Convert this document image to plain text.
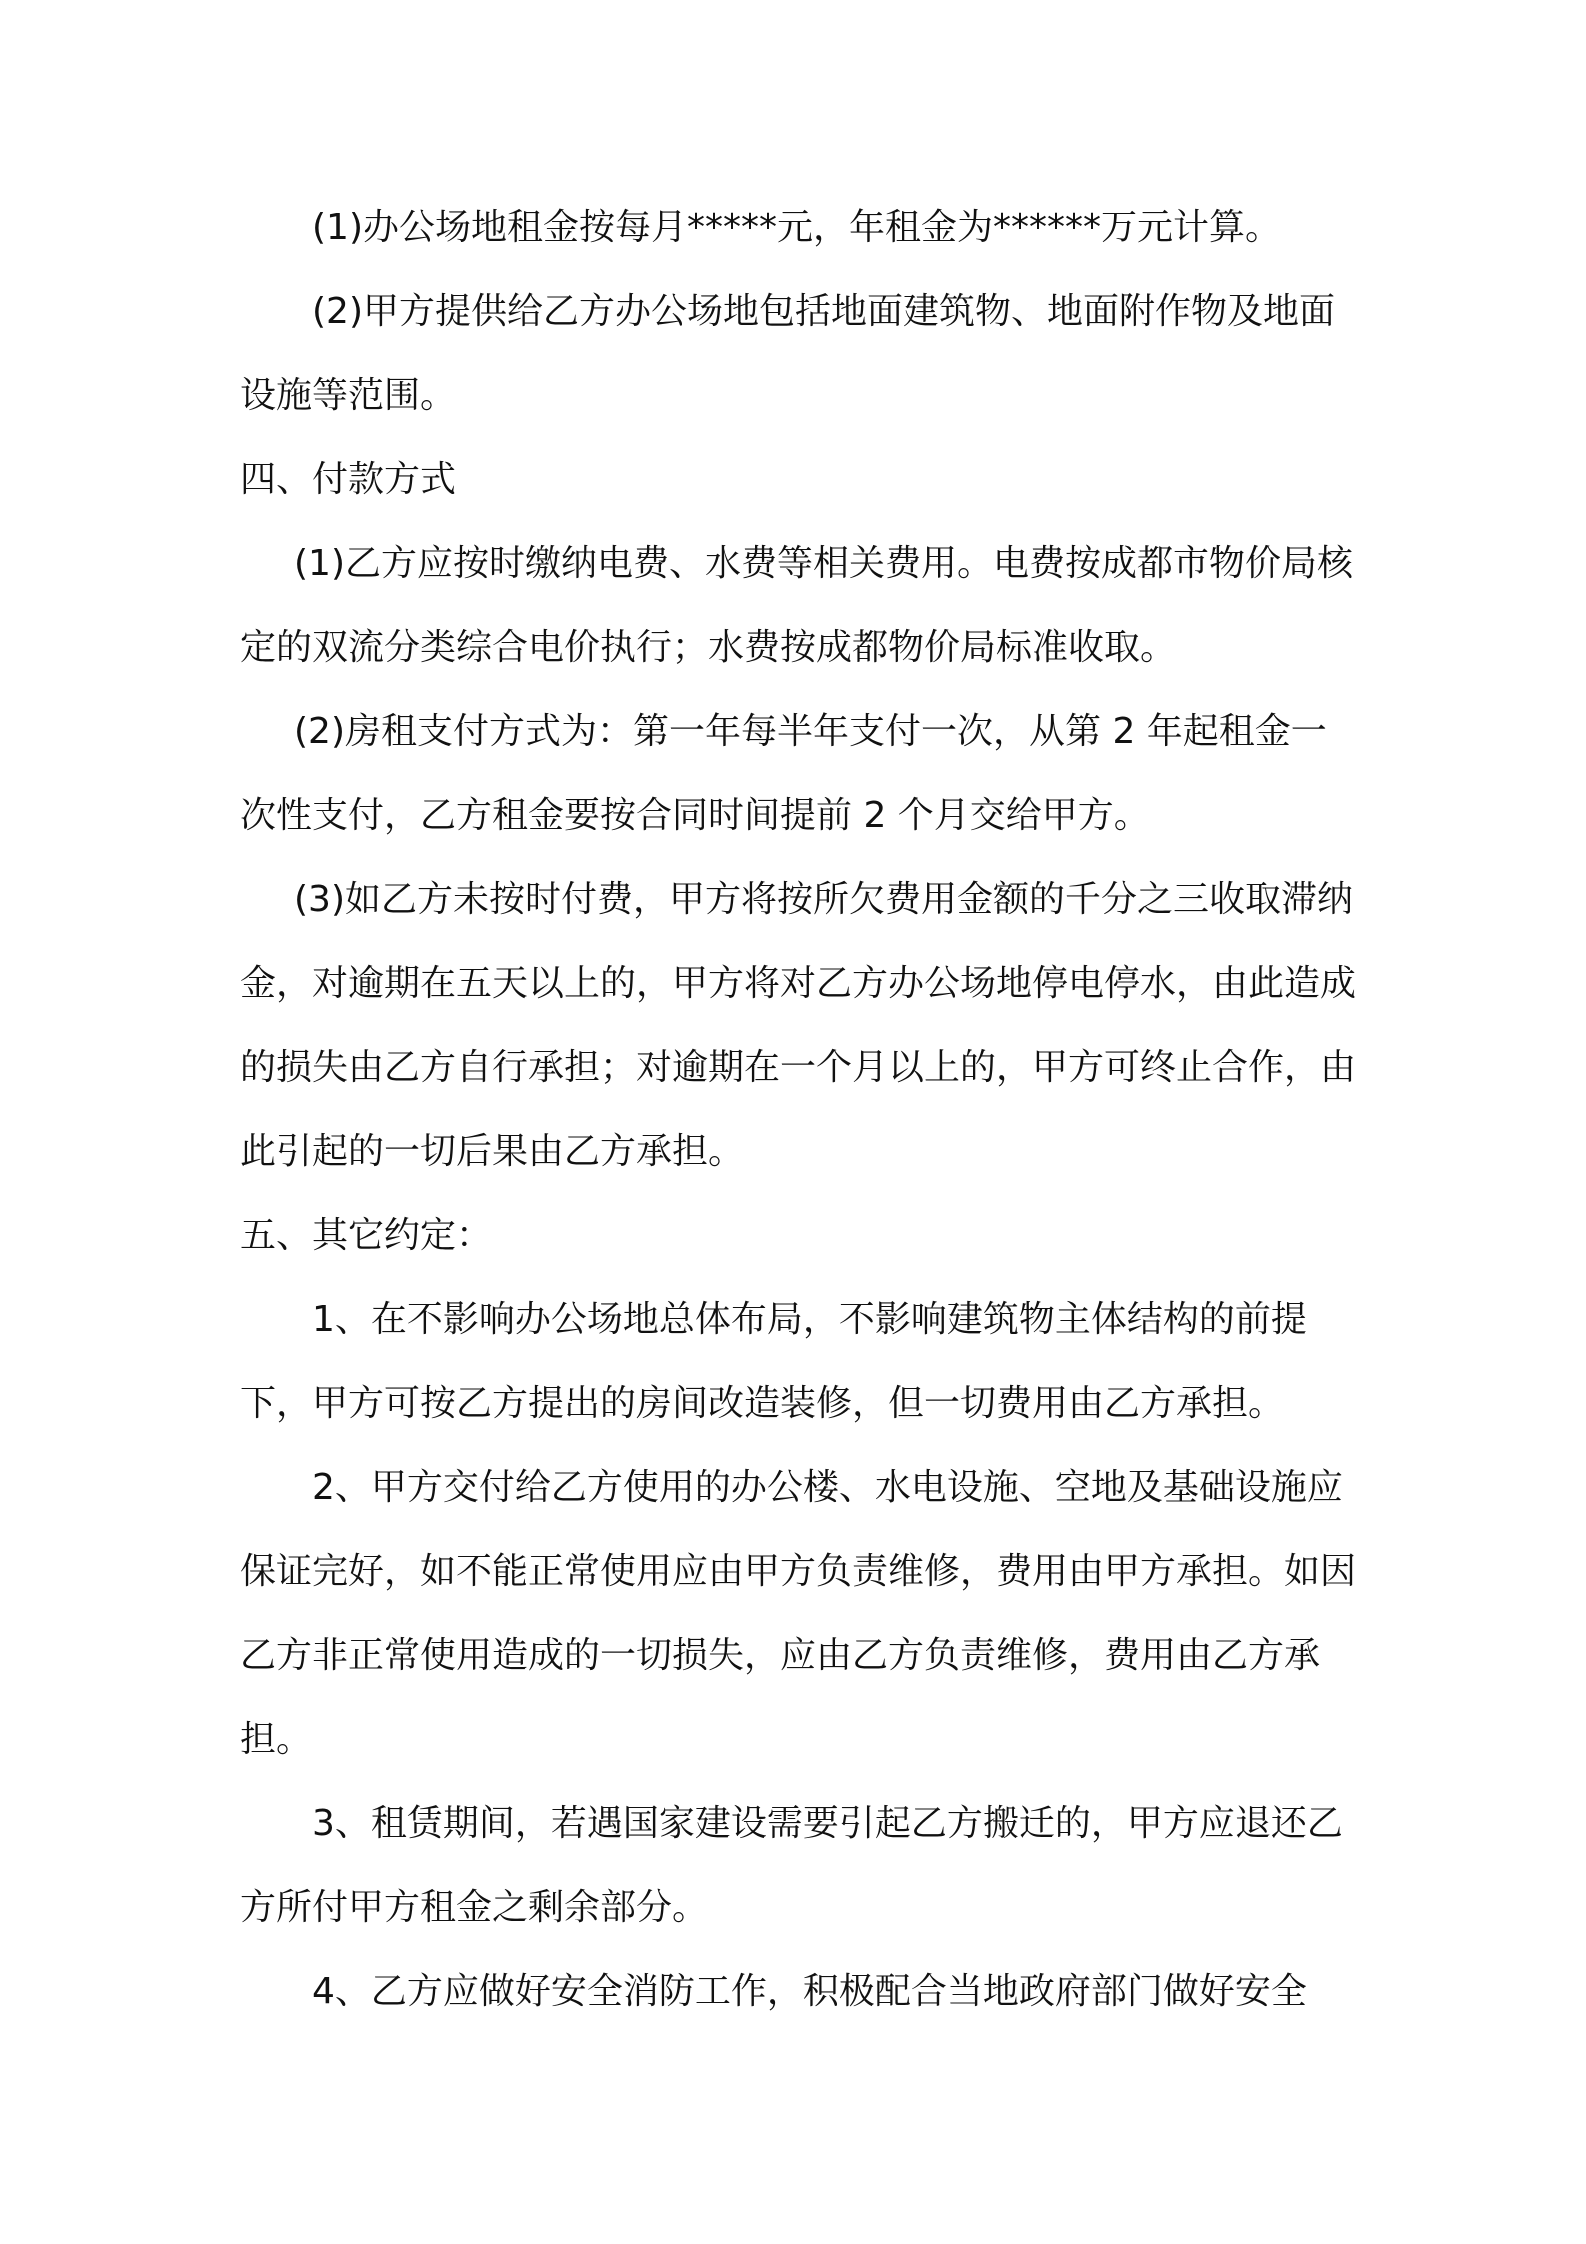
(1)办公场地租金按每月*****元，年租金为******万元计算。

(2)甲方提供给乙方办公场地包括地面建筑物、地面附作物及地面设施等范围。

四、付款方式

(1)乙方应按时缴纳电费、水费等相关费用。电费按成都市物价局核定的双流分类综合电价执行；水费按成都物价局标准收取。

(2)房租支付方式为：第一年每半年支付一次，从第 2 年起租金一次性支付，乙方租金要按合同时间提前 2 个月交给甲方。

(3)如乙方未按时付费，甲方将按所欠费用金额的千分之三收取滞纳金，对逾期在五天以上的，甲方将对乙方办公场地停电停水，由此造成的损失由乙方自行承担；对逾期在一个月以上的，甲方可终止合作，由此引起的一切后果由乙方承担。

五、其它约定：

1、在不影响办公场地总体布局，不影响建筑物主体结构的前提下，甲方可按乙方提出的房间改造装修，但一切费用由乙方承担。

2、甲方交付给乙方使用的办公楼、水电设施、空地及基础设施应保证完好，如不能正常使用应由甲方负责维修，费用由甲方承担。如因乙方非正常使用造成的一切损失，应由乙方负责维修，费用由乙方承担。

3、租赁期间，若遇国家建设需要引起乙方搬迁的，甲方应退还乙方所付甲方租金之剩余部分。

4、乙方应做好安全消防工作，积极配合当地政府部门做好安全
